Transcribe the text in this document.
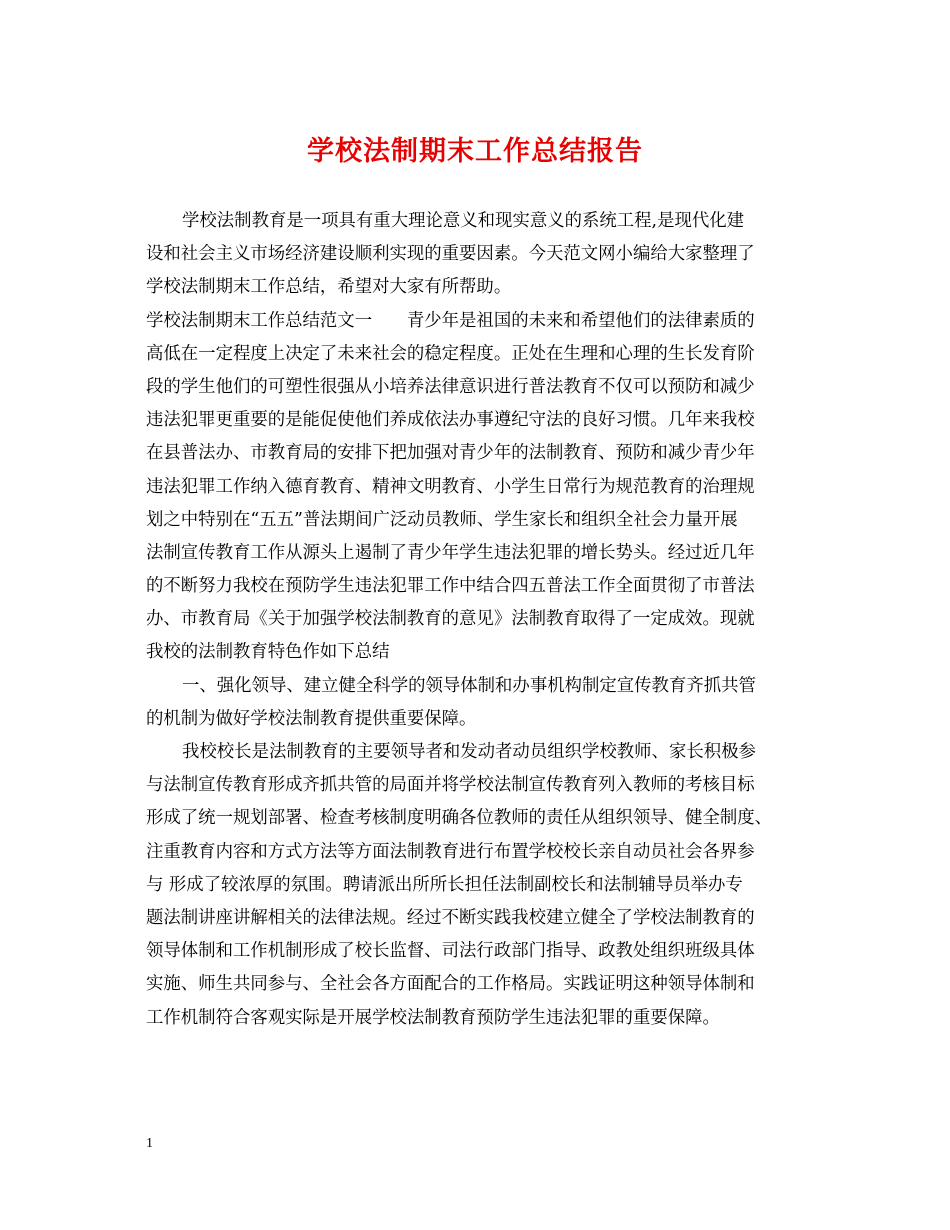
学校法制期末工作总结报告
学校法制教育是一项具有重大理论意义和现实意义的系统工程,是现代化建
设和社会主义市场经济建设顺利实现的重要因素。今天范文网小编给大家整理了
学校法制期末工作总结，希望对大家有所帮助。
学校法制期末工作总结范文一　　青少年是祖国的未来和希望他们的法律素质的
高低在一定程度上决定了未来社会的稳定程度。正处在生理和心理的生长发育阶
段的学生他们的可塑性很强从小培养法律意识进行普法教育不仅可以预防和减少
违法犯罪更重要的是能促使他们养成依法办事遵纪守法的良好习惯。几年来我校
在县普法办、市教育局的安排下把加强对青少年的法制教育、预防和减少青少年
违法犯罪工作纳入德育教育、精神文明教育、小学生日常行为规范教育的治理规
划之中特别在“五五”普法期间广泛动员教师、学生家长和组织全社会力量开展
法制宣传教育工作从源头上遏制了青少年学生违法犯罪的增长势头。经过近几年
的不断努力我校在预防学生违法犯罪工作中结合四五普法工作全面贯彻了市普法
办、市教育局《关于加强学校法制教育的意见》法制教育取得了一定成效。现就
我校的法制教育特色作如下总结
一、强化领导、建立健全科学的领导体制和办事机构制定宣传教育齐抓共管
的机制为做好学校法制教育提供重要保障。
我校校长是法制教育的主要领导者和发动者动员组织学校教师、家长积极参
与法制宣传教育形成齐抓共管的局面并将学校法制宣传教育列入教师的考核目标
形成了统一规划部署、检查考核制度明确各位教师的责任从组织领导、健全制度、
注重教育内容和方式方法等方面法制教育进行布置学校校长亲自动员社会各界参
与 形成了较浓厚的氛围。聘请派出所所长担任法制副校长和法制辅导员举办专
题法制讲座讲解相关的法律法规。经过不断实践我校建立健全了学校法制教育的
领导体制和工作机制形成了校长监督、司法行政部门指导、政教处组织班级具体
实施、师生共同参与、全社会各方面配合的工作格局。实践证明这种领导体制和
工作机制符合客观实际是开展学校法制教育预防学生违法犯罪的重要保障。
1
